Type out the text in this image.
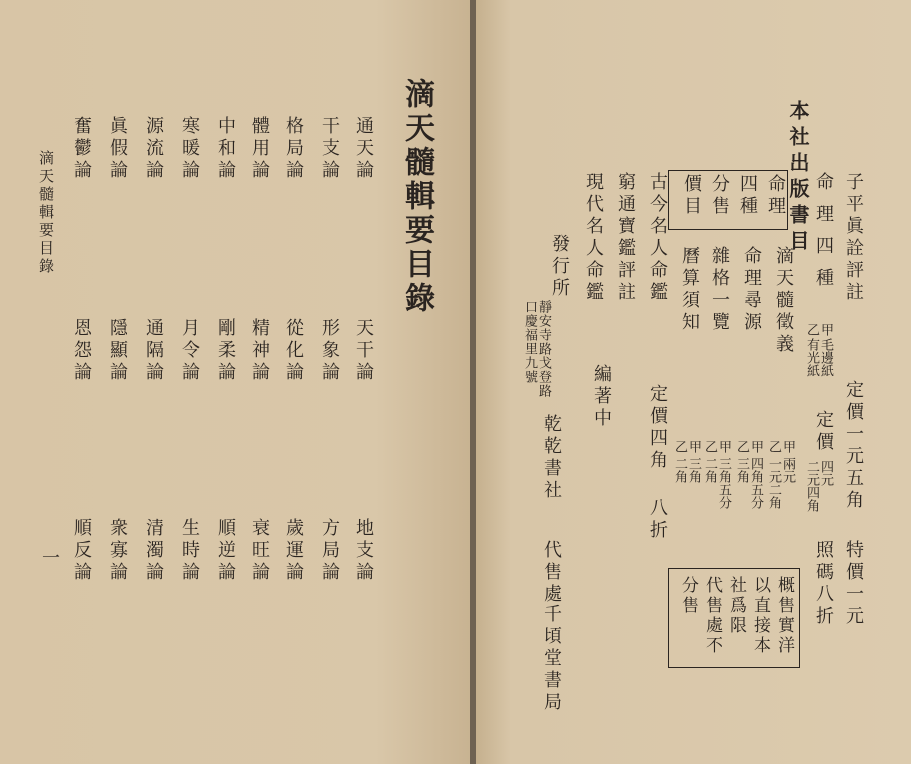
滴天髓輯要目錄
滴天髓輯要目錄
一
通天論
天干論
地支論
干支論
形象論
方局論
格局論
從化論
歲運論
體用論
精神論
衰旺論
中和論
剛柔論
順逆論
寒暖論
月令論
生時論
源流論
通隔論
清濁論
眞假論
隱顯論
衆寡論
奮鬱論
恩怨論
順反論
本社出版書目 子平眞詮評註
定價一元五角
特價一元
命理四種
甲
乙
毛邊紙
有光紙
定價
四元
二元四角
照碼八折
命理
四種
分售
價目
滴天髓徵義
甲 兩元
乙 一元二角
命理尋源
甲 四角五分
乙 三角
雜格一覽
甲 三角五分
乙 二角
曆算須知
甲 三角
乙 二角
古今名人命鑑
定價四角
八折
窮通寶鑑評註
現代名人命鑑
編著中
發行所
靜安寺路戈登路
口慶福里九號
乾乾書社
代售處
千頃堂書局	概售實洋
以直接本
社爲限
代售處不
分售
